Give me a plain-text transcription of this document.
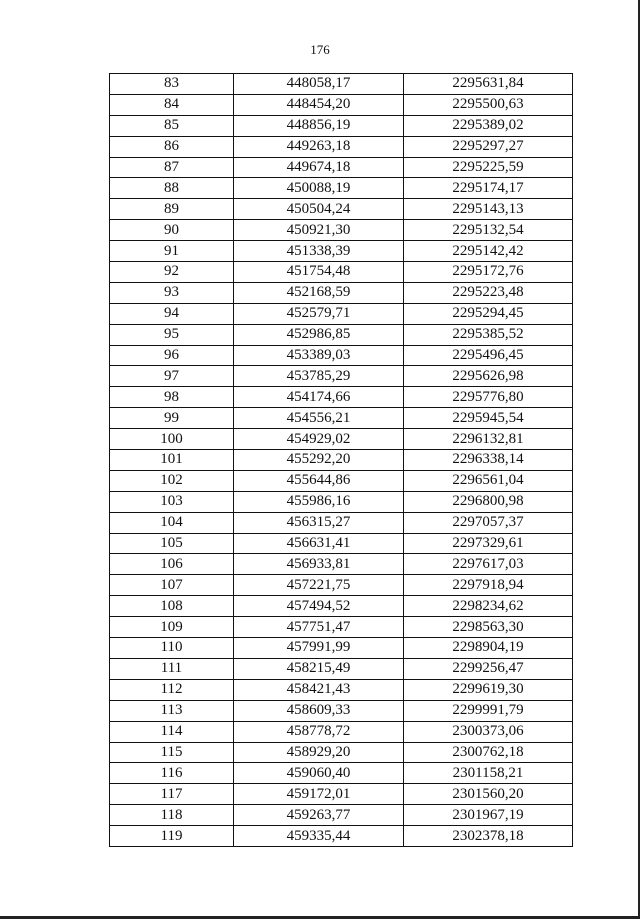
176
83	448058,17	2295631,84
84	448454,20	2295500,63
85	448856,19	2295389,02
86	449263,18	2295297,27
87	449674,18	2295225,59
88	450088,19	2295174,17
89	450504,24	2295143,13
90	450921,30	2295132,54
91	451338,39	2295142,42
92	451754,48	2295172,76
93	452168,59	2295223,48
94	452579,71	2295294,45
95	452986,85	2295385,52
96	453389,03	2295496,45
97	453785,29	2295626,98
98	454174,66	2295776,80
99	454556,21	2295945,54
100	454929,02	2296132,81
101	455292,20	2296338,14
102	455644,86	2296561,04
103	455986,16	2296800,98
104	456315,27	2297057,37
105	456631,41	2297329,61
106	456933,81	2297617,03
107	457221,75	2297918,94
108	457494,52	2298234,62
109	457751,47	2298563,30
110	457991,99	2298904,19
111	458215,49	2299256,47
112	458421,43	2299619,30
113	458609,33	2299991,79
114	458778,72	2300373,06
115	458929,20	2300762,18
116	459060,40	2301158,21
117	459172,01	2301560,20
118	459263,77	2301967,19
119	459335,44	2302378,18
